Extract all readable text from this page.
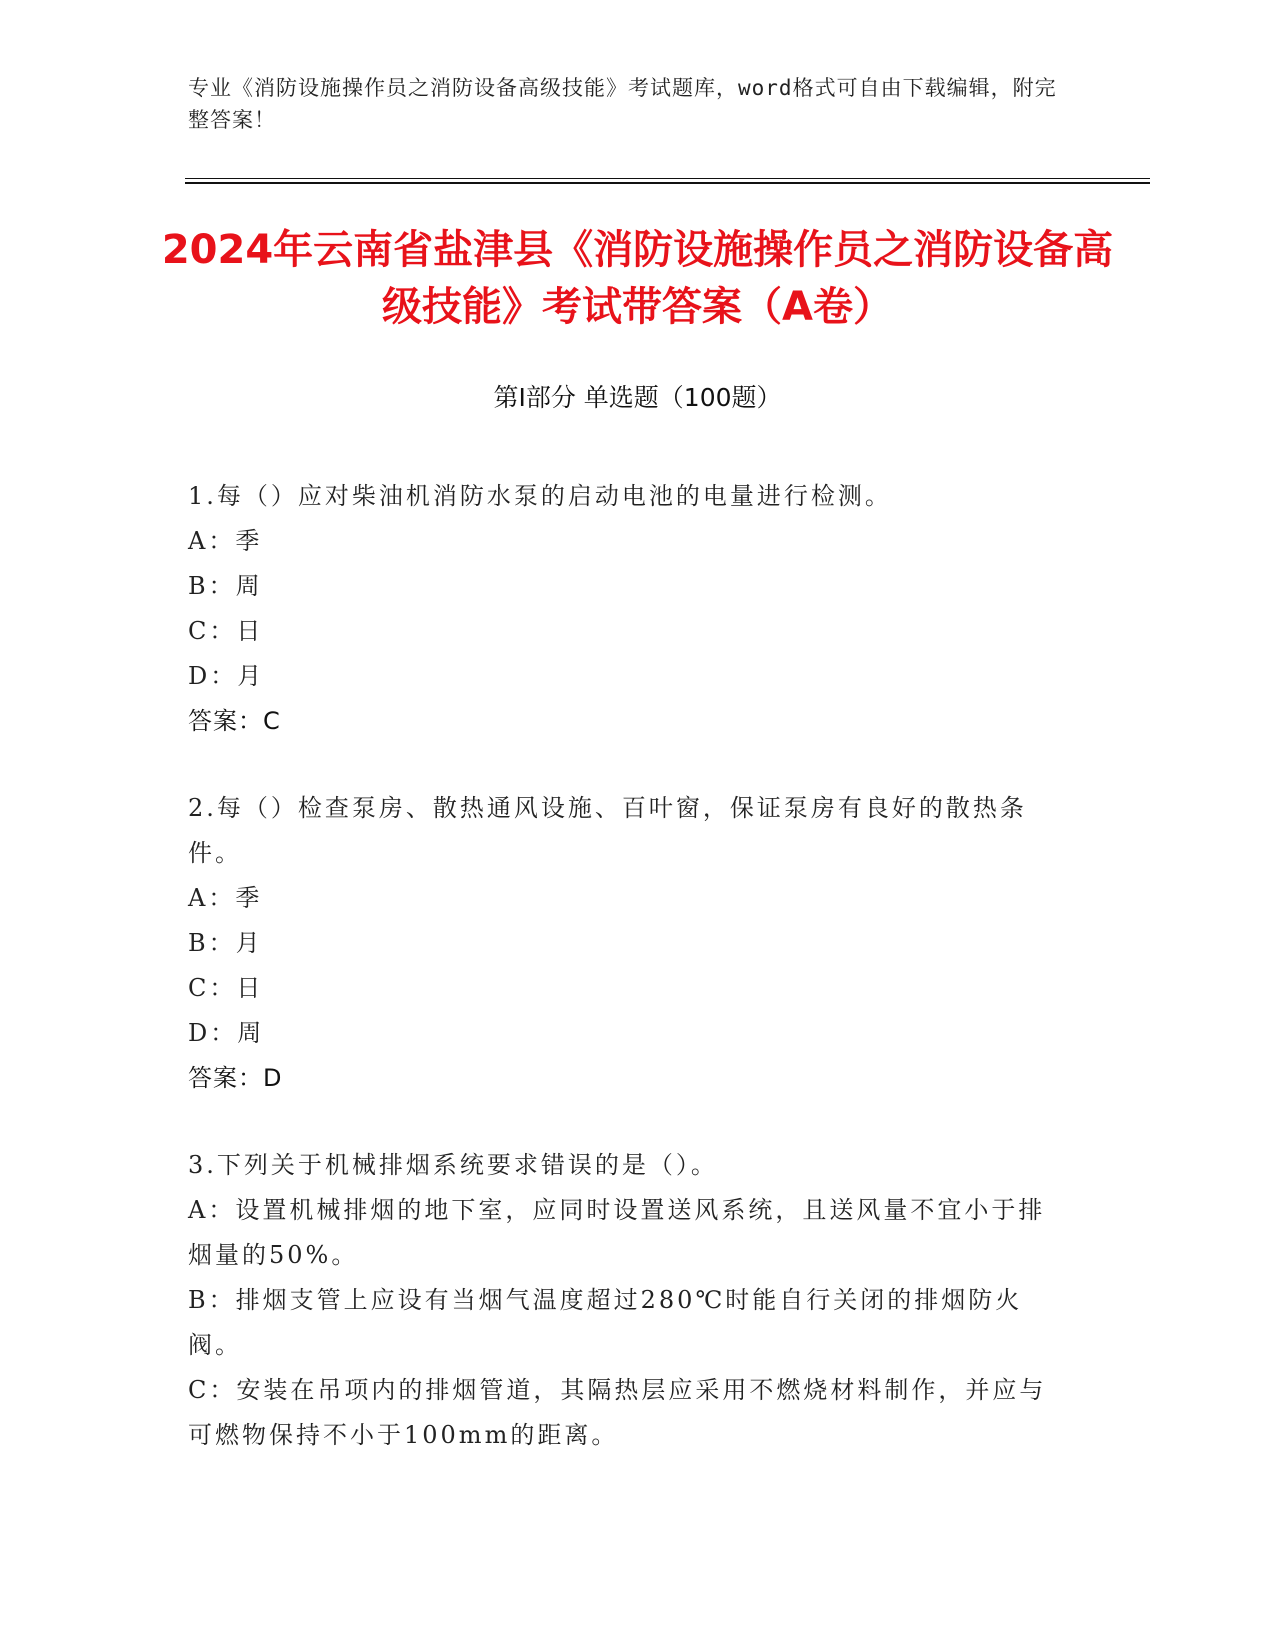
专业《消防设施操作员之消防设备高级技能》考试题库，word格式可自由下载编辑，附完整答案！
2024年云南省盐津县《消防设施操作员之消防设备高级技能》考试带答案（A卷）
第Ⅰ部分 单选题（100题）
1.每（）应对柴油机消防水泵的启动电池的电量进行检测。
A：季
B：周
C：日
D：月
答案：C
2.每（）检查泵房、散热通风设施、百叶窗，保证泵房有良好的散热条件。
A：季
B：月
C：日
D：周
答案：D
3.下列关于机械排烟系统要求错误的是（）。
A：设置机械排烟的地下室，应同时设置送风系统，且送风量不宜小于排烟量的50%。
B：排烟支管上应设有当烟气温度超过280℃时能自行关闭的排烟防火阀。
C：安装在吊项内的排烟管道，其隔热层应采用不燃烧材料制作，并应与可燃物保持不小于100mm的距离。
